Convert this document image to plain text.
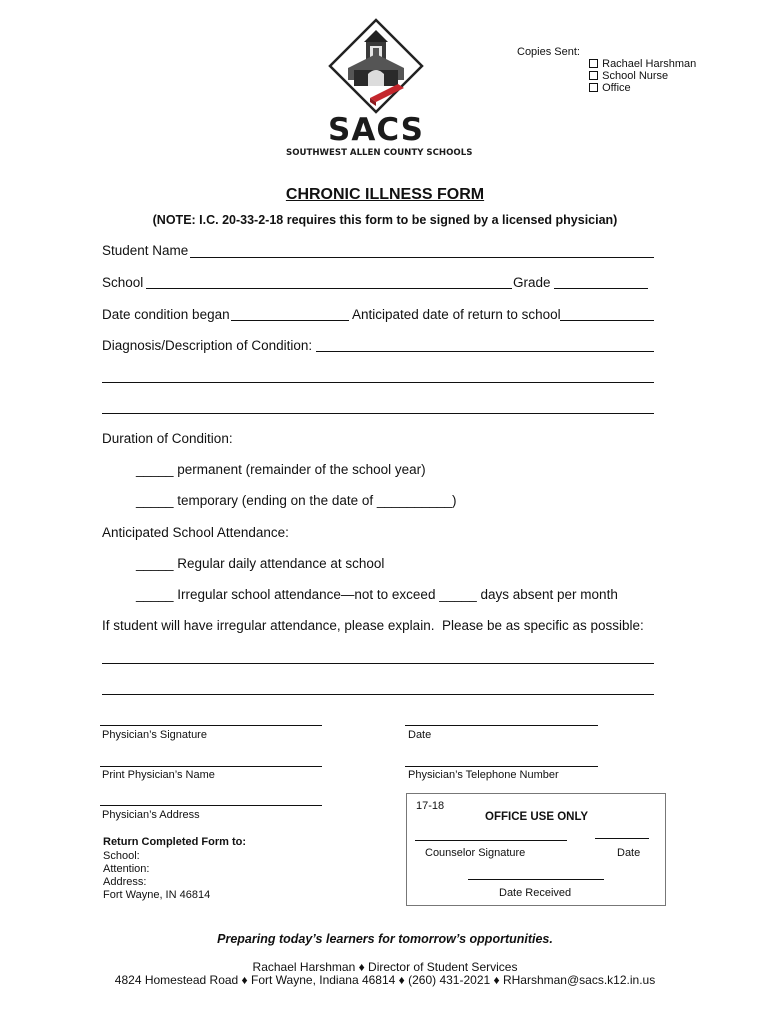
SACS
SOUTHWEST ALLEN COUNTY SCHOOLS
Copies Sent:

Rachael Harshman

School Nurse

Office

CHRONIC ILLNESS FORM
(NOTE: I.C. 20-33-2-18 requires this form to be signed by a licensed physician)
Student Name
School	Grade
Date condition began	Anticipated date of return to school
Diagnosis/Description of Condition:
Duration of Condition:
_____ permanent (remainder of the school year)
_____ temporary (ending on the date of __________)
Anticipated School Attendance:
_____ Regular daily attendance at school
_____ Irregular school attendance—not to exceed _____ days absent per month
If student will have irregular attendance, please explain.  Please be as specific as possible:
Physician’s Signature	Date
Print Physician’s Name	Physician’s Telephone Number
Physician’s Address
Return Completed Form to:
School:
Attention:
Address:
Fort Wayne, IN 46814
17-18
OFFICE USE ONLY
Counselor Signature	Date
Date Received
Preparing today’s learners for tomorrow’s opportunities.
Rachael Harshman ♦ Director of Student Services
4824 Homestead Road ♦ Fort Wayne, Indiana 46814 ♦ (260) 431-2021 ♦ RHarshman@sacs.k12.in.us
